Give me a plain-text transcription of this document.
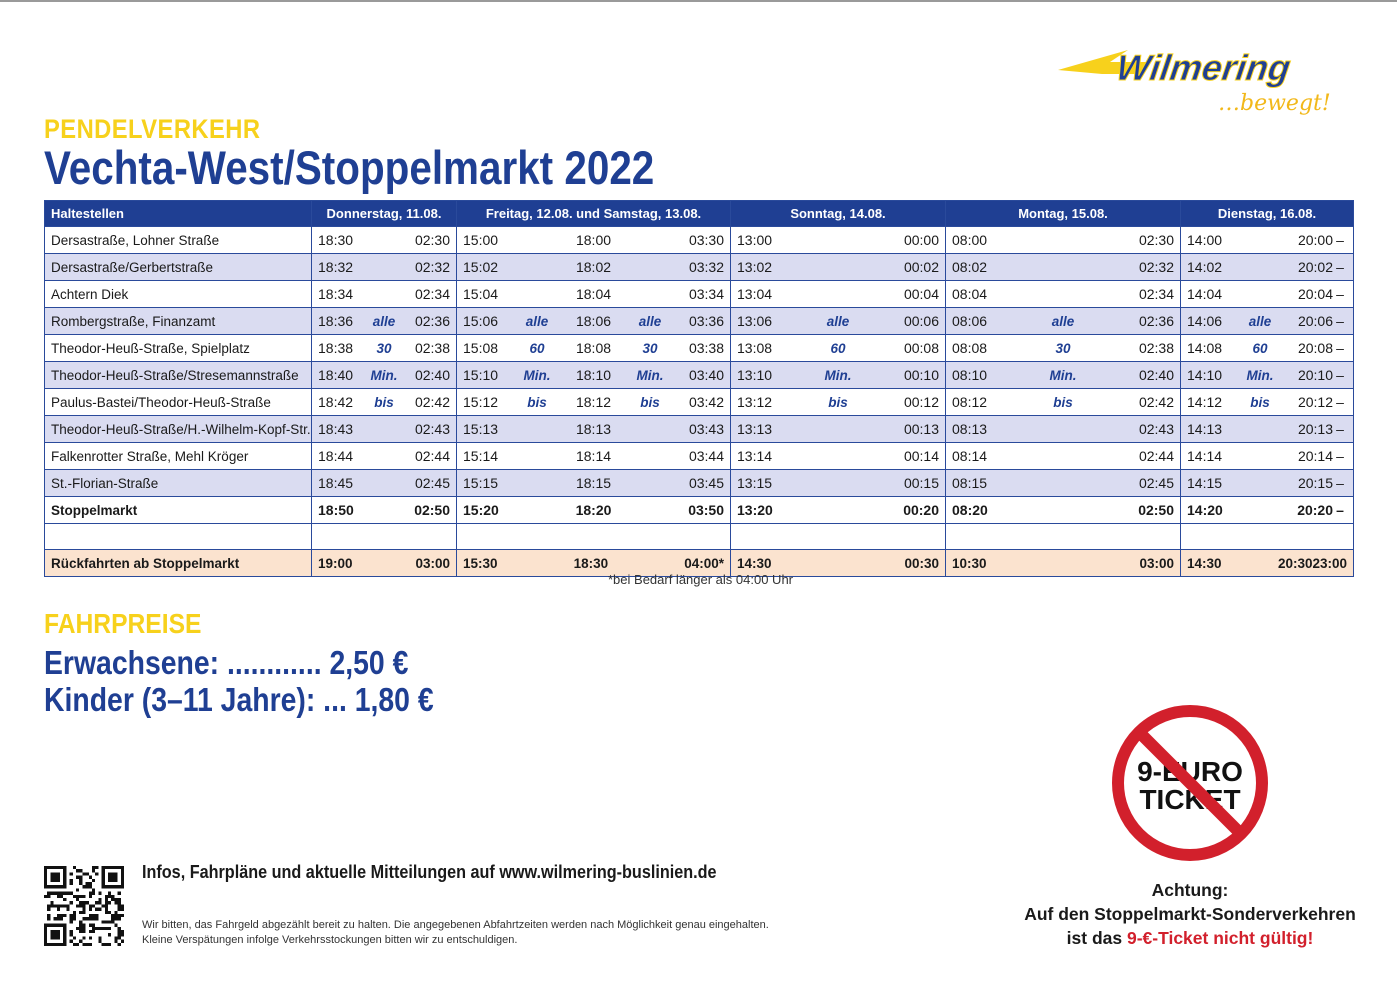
Wilmering
…bewegt!
PENDELVERKEHR
Vechta-West/Stoppelmarkt 2022
Haltestellen	Donnerstag, 11.08.	Freitag, 12.08. und Samstag, 13.08.	Sonntag, 14.08.	Montag, 15.08.	Dienstag, 16.08.
Dersastraße, Lohner Straße	18:30 02:30	15:00 18:00 03:30	13:00 00:00	08:00 02:30	14:00 20:00 –

Dersastraße/Gerbertstraße	18:32 02:32	15:02 18:02 03:32	13:02 00:02	08:02 02:32	14:02 20:02 –

Achtern Diek	18:34 02:34	15:04 18:04 03:34	13:04 00:04	08:04 02:34	14:04 20:04 –

Rombergstraße, Finanzamt	18:36 alle 02:36	15:06 alle 18:06 alle 03:36	13:06 alle 00:06	08:06 alle 02:36	14:06 alle 20:06 –

Theodor-Heuß-Straße, Spielplatz	18:38 30 02:38	15:08 60 18:08 30 03:38	13:08 60 00:08	08:08 30 02:38	14:08 60 20:08 –

Theodor-Heuß-Straße/Stresemannstraße	18:40 Min. 02:40	15:10 Min. 18:10 Min. 03:40	13:10 Min. 00:10	08:10 Min. 02:40	14:10 Min. 20:10 –

Paulus-Bastei/Theodor-Heuß-Straße	18:42 bis 02:42	15:12 bis 18:12 bis 03:42	13:12 bis 00:12	08:12 bis 02:42	14:12 bis 20:12 –

Theodor-Heuß-Straße/H.-Wilhelm-Kopf-Str.	18:43 02:43	15:13 18:13 03:43	13:13 00:13	08:13 02:43	14:13 20:13 –

Falkenrotter Straße, Mehl Kröger	18:44 02:44	15:14 18:14 03:44	13:14 00:14	08:14 02:44	14:14 20:14 –

St.-Florian-Straße	18:45 02:45	15:15 18:15 03:45	13:15 00:15	08:15 02:45	14:15 20:15 –

Stoppelmarkt	18:50 02:50	15:20 18:20 03:50	13:20 00:20	08:20 02:50	14:20 20:20 –

Rückfahrten ab Stoppelmarkt	19:00 03:00	15:30 18:30 04:00*	14:30 00:30	10:30 03:00	14:30 20:30 23:00
*bei Bedarf länger als 04:00 Uhr
FAHRPREISE
Erwachsene: ............ 2,50 €
Kinder (3–11 Jahre): ... 1,80 €
9-EURO
TICKET
Achtung:
Auf den Stoppelmarkt-Sonderverkehren
ist das 9-€-Ticket nicht gültig!
Infos, Fahrpläne und aktuelle Mitteilungen auf www.wilmering-buslinien.de
Wir bitten, das Fahrgeld abgezählt bereit zu halten. Die angegebenen Abfahrtzeiten werden nach Möglichkeit genau eingehalten.
Kleine Verspätungen infolge Verkehrsstockungen bitten wir zu entschuldigen.
